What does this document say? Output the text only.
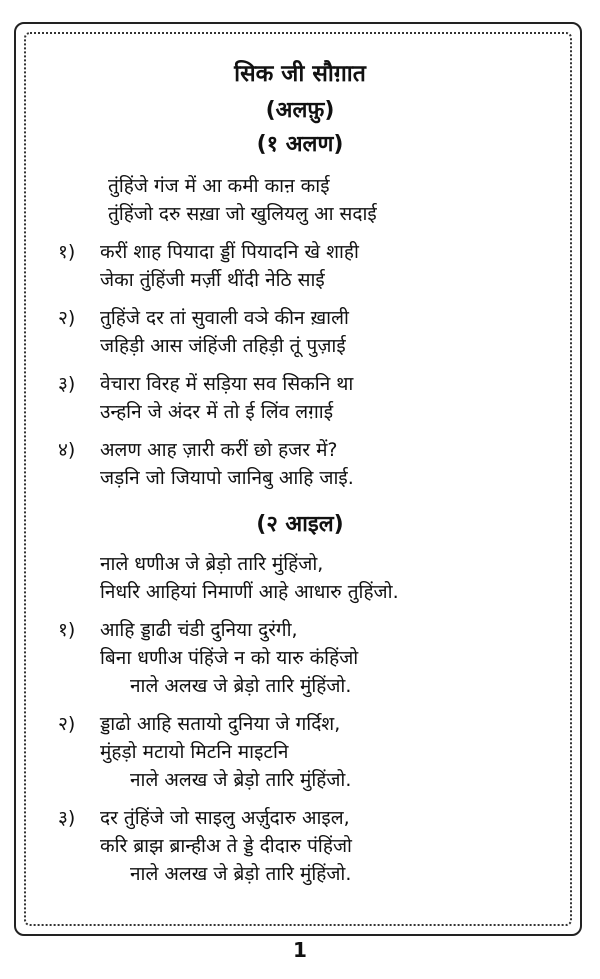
सिक जी सौग़ात
(अलफ़ु)
(१ अलण)
तुंहिंजे गंज में आ कमी काऩ काई
तुंहिंजो दरु सख़ा जो खुलियलु आ सदाई
१)	करीं शाह पियादा ड्डीं पियादनि खे शाही
जेका तुंहिंजी मर्ज़ी थींदी नेठि साई
२)	तुहिंजे दर तां सुवाली वञे कीन ख़ाली
जहिड़ी आस जंहिंजी तहिड़ी तूं पुज़ाई
३)	वेचारा विरह में सड़िया सव सिकनि था
उन्हनि जे अंदर में तो ई लिंव लग़ाई
४)	अलण आह ज़ारी करीं छो हजर में?
जड़नि जो जियापो जानिबु आहि जाई.
(२ आइल)
नाले धणीअ जे ब्रेड़ो तारि मुंहिंजो,
निधरि आहियां निमाणीं आहे आधारु तुहिंजो.
१)	आहि ड्डाढी चंडी दुनिया दुरंगी,
बिना धणीअ पंहिंजे न को यारु कंहिंजो
नाले अलख जे ब्रेड़ो तारि मुंहिंजो.
२)	ड्डाढो आहि सतायो दुनिया जे गर्दिश,
मुंहड़ो मटायो मिटनि माइटनि
नाले अलख जे ब्रेड़ो तारि मुंहिंजो.
३)	दर तुंहिंजे जो साइलु अर्ज़ुदारु आइल,
करि ब्राझ ब्रान्हीअ ते ड्डे दीदारु पंहिंजो
नाले अलख जे ब्रेड़ो तारि मुंहिंजो.
1
